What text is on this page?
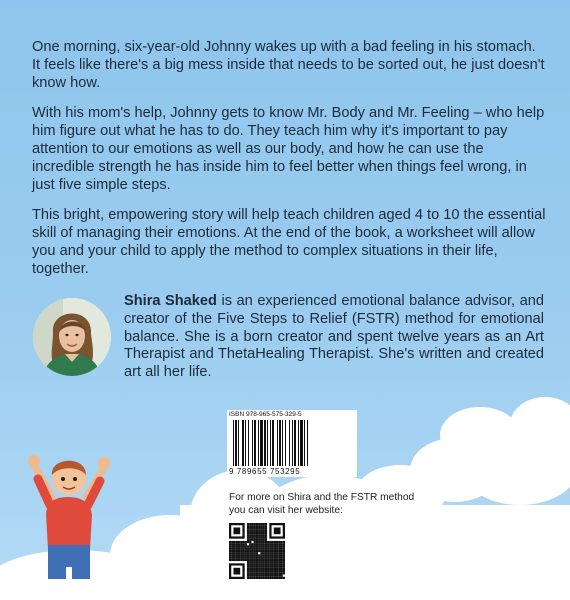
One morning, six-year-old Johnny wakes up with a bad feeling in his stomach. It feels like there's a big mess inside that needs to be sorted out, he just doesn't know how.

With his mom's help, Johnny gets to know Mr. Body and Mr. Feeling – who help him figure out what he has to do. They teach him why it's important to pay attention to our emotions as well as our body, and how he can use the incredible strength he has inside him to feel better when things feel wrong, in just five simple steps.

This bright, empowering story will help teach children aged 4 to 10 the essential skill of managing their emotions. At the end of the book, a worksheet will allow you and your child to apply the method to complex situations in their life, together.

Shira Shaked is an experienced emotional balance advisor, and creator of the Five Steps to Relief (FSTR) method for emotional balance. She is a born creator and spent twelve years as an Art Therapist and ThetaHealing Therapist. She's written and created art all her life.

ISBN 978-965-575-329-5
9 789655 753295
For more on Shira and the FSTR method
you can visit her website:
